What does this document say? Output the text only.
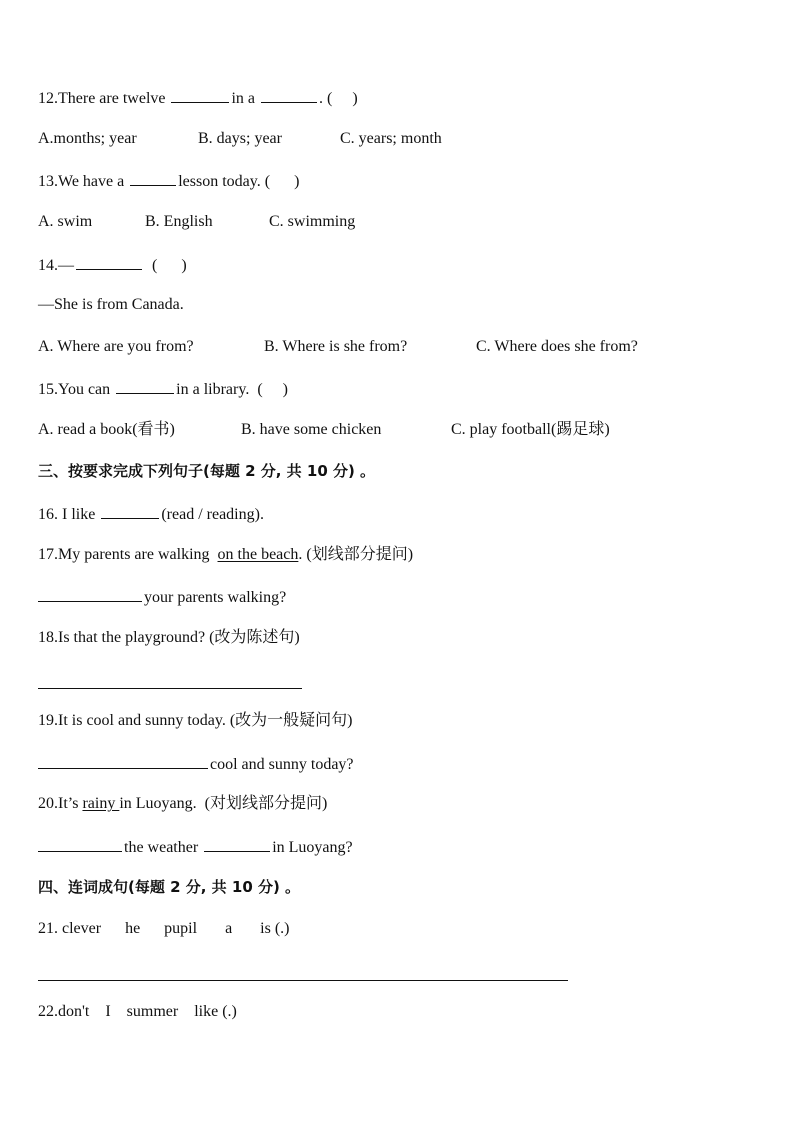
12.There are twelve	in a	. (     )
A.months; year	B. days; year	C. years; month
13.We have a	lesson today. (      )
A. swim	B. English	C. swimming
14.—	(      )
—She is from Canada.
A. Where are you from?	B. Where is she from?	C. Where does she from?
15.You can	in a library.  (     )
A. read a book(看书)	B. have some chicken	C. play football(踢足球)
三、按要求完成下列句子(每题 2 分, 共 10 分) 。
16. I like	(read / reading).
17.My parents are walking  on the beach. (划线部分提问)
your parents walking?
18.Is that the playground? (改为陈述句)
19.It is cool and sunny today. (改为一般疑问句)
cool and sunny today?
20.It’s rainy in Luoyang.  (对划线部分提问)
the weather	in Luoyang?
四、连词成句(每题 2 分, 共 10 分) 。
21. clever      he      pupil       a       is (.)
22.don't    I    summer    like (.)
